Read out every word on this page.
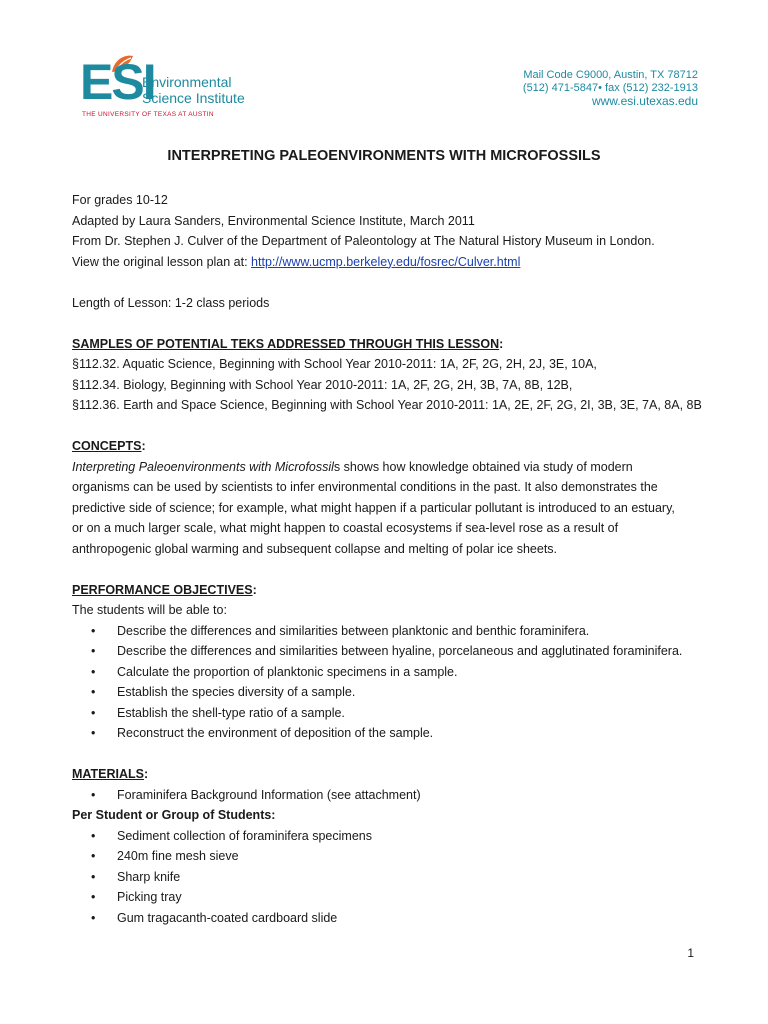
ESI
Environmental
Science Institute
THE UNIVERSITY OF TEXAS AT AUSTIN
Mail Code C9000, Austin, TX 78712
(512) 471-5847• fax (512) 232-1913
www.esi.utexas.edu
INTERPRETING PALEOENVIRONMENTS WITH MICROFOSSILS

For grades 10-12

Adapted by Laura Sanders, Environmental Science Institute, March 2011

From Dr. Stephen J. Culver of the Department of Paleontology at The Natural History Museum in London.

View the original lesson plan at: http://www.ucmp.berkeley.edu/fosrec/Culver.html

Length of Lesson: 1-2 class periods

SAMPLES OF POTENTIAL TEKS ADDRESSED THROUGH THIS LESSON:

§112.32. Aquatic Science, Beginning with School Year 2010-2011: 1A, 2F, 2G, 2H, 2J, 3E, 10A,

§112.34. Biology, Beginning with School Year 2010-2011: 1A, 2F, 2G, 2H, 3B, 7A, 8B, 12B,

§112.36. Earth and Space Science, Beginning with School Year 2010-2011: 1A, 2E, 2F, 2G, 2I, 3B, 3E, 7A, 8A, 8B

CONCEPTS:

Interpreting Paleoenvironments with Microfossils shows how knowledge obtained via study of modern

organisms can be used by scientists to infer environmental conditions in the past. It also demonstrates the

predictive side of science; for example, what might happen if a particular pollutant is introduced to an estuary,

or on a much larger scale, what might happen to coastal ecosystems if sea-level rose as a result of

anthropogenic global warming and subsequent collapse and melting of polar ice sheets.

PERFORMANCE OBJECTIVES:

The students will be able to:

• Describe the differences and similarities between planktonic and benthic foraminifera.
• Describe the differences and similarities between hyaline, porcelaneous and agglutinated foraminifera.
• Calculate the proportion of planktonic specimens in a sample.
• Establish the species diversity of a sample.
• Establish the shell-type ratio of a sample.
• Reconstruct the environment of deposition of the sample.

MATERIALS:

• Foraminifera Background Information (see attachment)

Per Student or Group of Students:

• Sediment collection of foraminifera specimens
• 240m fine mesh sieve
• Sharp knife
• Picking tray
• Gum tragacanth-coated cardboard slide
1
